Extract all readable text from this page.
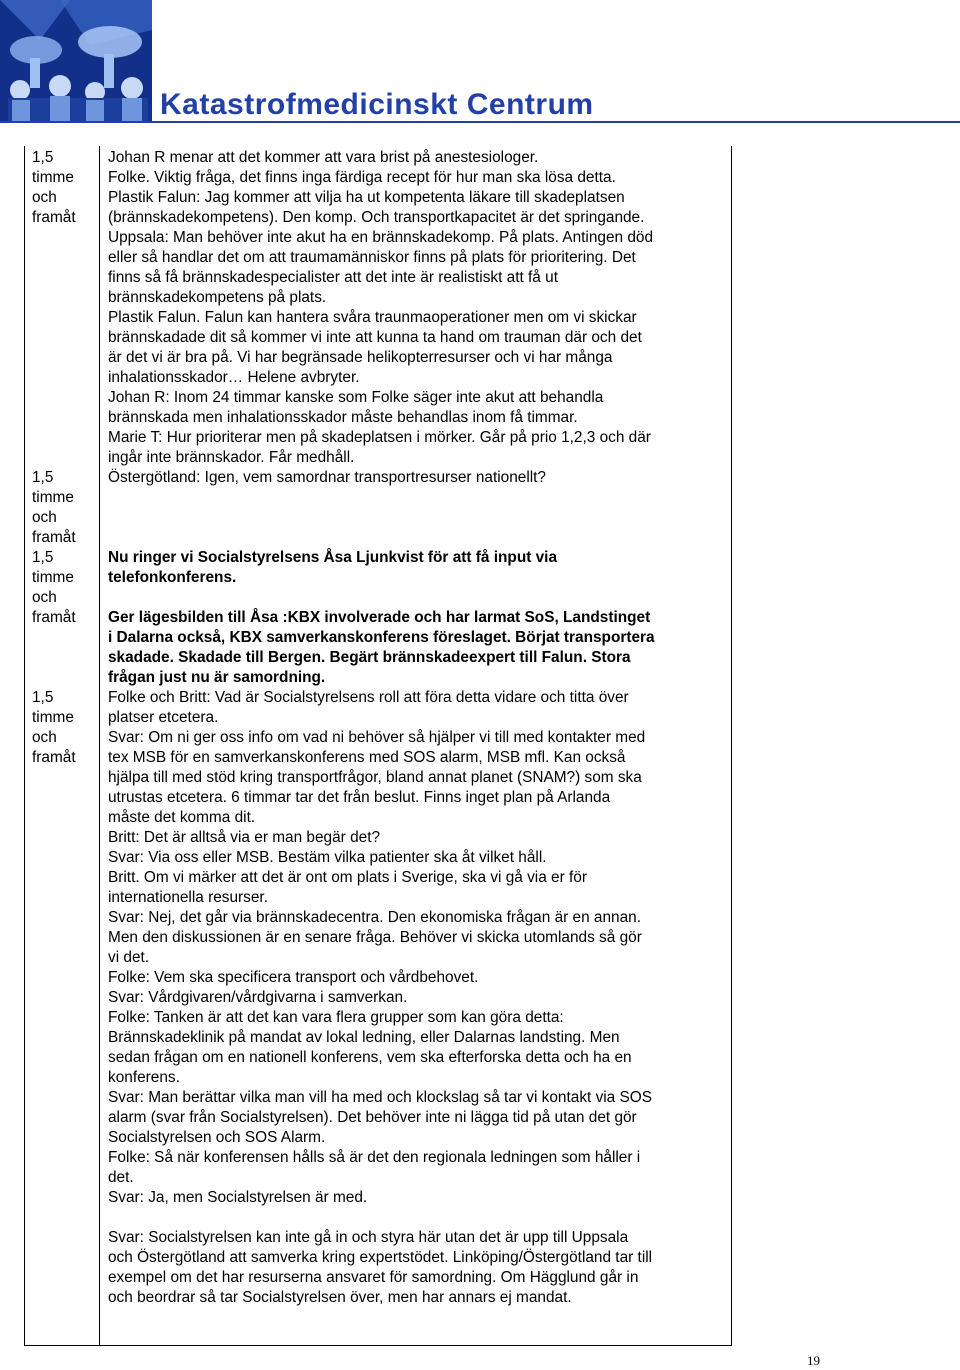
Katastrofmedicinskt Centrum
1,5
timme
och
framåt
Johan R menar att det kommer att vara brist på anestesiologer.
Folke. Viktig fråga, det finns inga färdiga recept för hur man ska lösa detta.
Plastik Falun: Jag kommer att vilja ha ut kompetenta läkare till skadeplatsen
(brännskadekompetens). Den komp. Och transportkapacitet är det springande.
Uppsala: Man behöver inte akut ha en brännskadekomp. På plats. Antingen död
eller så handlar det om att traumamänniskor finns på plats för prioritering. Det
finns så få brännskadespecialister att det inte är realistiskt att få ut
brännskadekompetens på plats.
Plastik Falun. Falun kan hantera svåra traunmaoperationer men om vi skickar
brännskadade dit så kommer vi inte att kunna ta hand om trauman där och det
är det vi är bra på. Vi har begränsade helikopterresurser och vi har många
inhalationsskador… Helene avbryter.
Johan R: Inom 24 timmar kanske som Folke säger inte akut att behandla
brännskada men inhalationsskador måste behandlas inom få timmar.
Marie T: Hur prioriterar men på skadeplatsen i mörker. Går på prio 1,2,3 och där
ingår inte brännskador. Får medhåll.
1,5
timme
och
framåt
Östergötland: Igen, vem samordnar transportresurser nationellt?
1,5
timme
och
framåt
Nu ringer vi Socialstyrelsens Åsa Ljunkvist för att få input via
telefonkonferens.
Ger lägesbilden till Åsa :KBX involverade och har larmat SoS, Landstinget
i Dalarna också, KBX samverkanskonferens föreslaget. Börjat transportera
skadade. Skadade till Bergen. Begärt brännskadeexpert till Falun. Stora
frågan just nu är samordning.
1,5
timme
och
framåt
Folke och Britt: Vad är Socialstyrelsens roll att föra detta vidare och titta över
platser etcetera.
Svar: Om ni ger oss info om vad ni behöver så hjälper vi till med kontakter med
tex MSB för en samverkanskonferens med SOS alarm, MSB mfl. Kan också
hjälpa till med stöd kring transportfrågor, bland annat planet (SNAM?) som ska
utrustas etcetera. 6 timmar tar det från beslut. Finns inget plan på Arlanda
måste det komma dit.
Britt: Det är alltså via er man begär det?
Svar: Via oss eller MSB. Bestäm vilka patienter ska åt vilket håll.
Britt. Om vi märker att det är ont om plats i Sverige, ska vi gå via er för
internationella resurser.
Svar: Nej, det går via brännskadecentra. Den ekonomiska frågan är en annan.
Men den diskussionen är en senare fråga. Behöver vi skicka utomlands så gör
vi det.
Folke: Vem ska specificera transport och vårdbehovet.
Svar: Vårdgivaren/vårdgivarna i samverkan.
Folke: Tanken är att det kan vara flera grupper som kan göra detta:
Brännskadeklinik på mandat av lokal ledning, eller Dalarnas landsting. Men
sedan frågan om en nationell konferens, vem ska efterforska detta och ha en
konferens.
Svar: Man berättar vilka man vill ha med och klockslag så tar vi kontakt via SOS
alarm (svar från Socialstyrelsen). Det behöver inte ni lägga tid på utan det gör
Socialstyrelsen och SOS Alarm.
Folke: Så när konferensen hålls så är det den regionala ledningen som håller i
det.
Svar: Ja, men Socialstyrelsen är med.
Svar: Socialstyrelsen kan inte gå in och styra här utan det är upp till Uppsala
och Östergötland att samverka kring expertstödet. Linköping/Östergötland tar till
exempel om det har resurserna ansvaret för samordning. Om Hägglund går in
och beordrar så tar Socialstyrelsen över, men har annars ej mandat.
19
